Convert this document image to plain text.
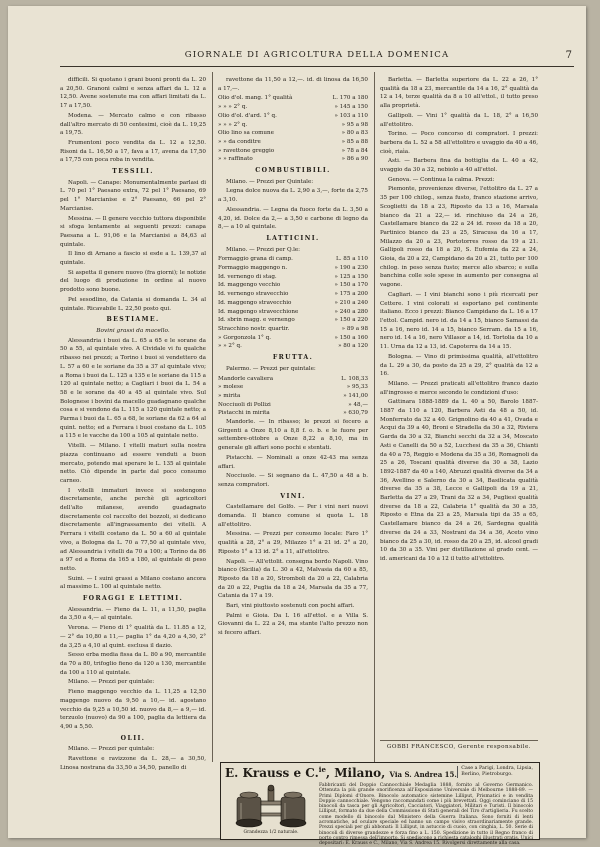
GIORNALE DI AGRICOLTURA DELLA DOMENICA	7

difficili. Si quotano i grani buoni pronti da L. 20 a 20,50. Granoni calmi e senza affari da L. 12 a 12,50. Avene sostenute ma con affari limitati da L. 17 a 17,50.

Modena. — Mercato calmo e con ribasso dall'altro mercato di 50 centesimi, cioè da L. 19,25 a 19,75.

Frumentoni poco vendita da L. 12 a 12,50. Risoni da L. 16,50 a 17, fava a 17, avena da 17,50 a 17,75 con poca roba in vendita.

TESSILI.

Napoli. — Canape: Monumentalmente parlasi di L. 70 pel 1° Paesano extra, 72 pel 1° Paesano, 69 pel 1° Marcianise e 2° Paesano, 66 pel 2° Marcianise.

Messina. — Il genere vecchio tuttora disponibile si sfoga lentamente ai seguenti prezzi: canapa Paesana a L. 91,06 e la Marcianisi a 84,63 al quintale.

Il lino di Arnano a fascio si esde a L. 139,37 al quintale.

Si aspetta il genere nuovo (fra giorni); le notizie del luogo di produzione in ordine al nuovo prodotto sono buone.

Pel sesodlino, da Catania si domanda L. 34 al quintale. Ricavabile L. 22,50 posto qui.

BESTIAME.
Bovini grassi da macello.

Alessandria i buoi da L. 65 a 65 e le sorane da 50 a 55, al quintale vivo. A Cividale vi fu qualche ribasso nei prezzi; a Torino i buoi si vendettero da L. 57 a 60 e le soriane da 35 a 37 al quintale vivo; a Roma i buoi da L. 125 a 135 e le soriane da 115 a 120 al quintale netto; a Cagliari i buoi da L. 54 a 58 e le sorane da 40 a 45 al quintale vivo. Sul Bolognese i bovini da macello guadagnano qualche cosa e si vendono da L. 115 a 120 quintale netto; a Parma i buoi da L. 65 a 68, le soriane da 62 a 64 al quint. netto; ed a Ferrara i buoi costano da L. 105 a 115 e le vacche da 100 a 105 al quintale netto.

Vitelli. — Milano. I vitelli maturi sulla nostra piazza continuano ad essere venduti a buon mercato, potendo mai sperare le L. 135 al quintale netto. Ciò dipende in parte dal poco consumo carneo.

I vitelli immaturi invece si sostengono discretamente, anche perchè gli agricoltori dell'alto milanese, avendo guadagnato discretamente col raccolto dei bozzoli, si dedicano discretamente all'ingrassamento dei vitelli. A Ferrara i vitelli costano da L. 50 a 60 al quintale vivo, a Bologna da L. 70 a 77,50 al quintale vivo, ad Alessandria i vitelli da 70 a 100; a Torino da 86 a 97 ed a Roma da 165 a 180, al quintale di peso netto.

Suini. — I suini grassi a Milano costano ancora al massimo L. 100 al quintale netto.

FORAGGI E LETTIMI.

Alessandria. — Fieno da L. 11, a 11,50, paglia da 3,50 a 4,— al quintale.

Verona. — Fieno di 1° qualità da L. 11.85 a 12,— 2° da 10,80 a 11,— paglia 1° da 4,20 a 4,30, 2° da 3,25 a 4,10 al quint. esclusa il dazio.

Sesso erba media fissa da L. 80 a 90, mercantile da 70 a 80, trifoglio fieno da 120 a 130, mercantile da 100 a 110 al quintale.

Milano. — Prezzi per quintale:

Fieno maggengo vecchio da L. 11,25 a 12,50 maggengo nuovo da 9,50 a 10,— id. agostano vecchio da 9,25 a 10,50 id. nuovo da 8,— a 9,— id. terzuolo (nuovo) da 90 a 100, paglia da lettiera da 4,90 a 5,50.

OLII.

Milano. — Prezzi per quintale:

Ravettone e ravizzone da L. 28,— a 30,50, Linosa nostrana da 33,50 a 34,50, panello di

ravettone da 11,50 a 12,—. id. di linosa da 16,50 a 17,—.

Olio d'ol. mang. 1° qualità	L. 170 a 180
» » » 2° q.	» 145 a 150
Olio d'ol. d'ard. 1° q.	» 103 a 110
» » » 2° q.	» 95 a 98
Olio lino sa comune	» 80 a 83
» » da conditre	» 85 a 88
» ravettone greggio	» 78 a 84
» » raffinato	» 86 a 90
COMBUSTIBILI.

Milano. — Prezzi per Quintale:

Legna dolce nuova da L. 2,90 a 3,—, forte da 2,75 a 3,10.

Alessandria. — Legna da fuoco forte da L. 3,50 a 4,20, id. Dolce da 2,— a 3,50 e carbone di legno da 8,— a 10 al quintale.

LATTICINI.

Milano. — Prezzi per Q.le:

Formaggio grana di camp.	L. 85 a 110
Formaggio maggengo n.	» 190 a 230
Id. vernengo di stag.	» 125 a 150
Id. maggengo vecchio	» 150 a 170
Id. vernengo stravecchio	» 175 a 200
Id. maggengo stravecchio	» 210 a 240
Id. maggengo stravecchione	» 240 a 280
Id. sbrin magg. e vernengo	» 150 a 220
Stracchino nostr. quartir.	» 89 a 98
» Gorgonzola 1° q.	» 150 a 160
» » 2° q.	» 80 a 120
FRUTTA.

Palermo. — Prezzi per quintale:

Mandorle cavaliera	L. 108,33
» molese	» 95,33
» mirita	» 141,00
Nocciuoli di Pollizi	» 48,—
Pistacchi in mirita	» 630,79

Mandorle. — In ribasso; le prezzi si fecero a Girgenti a Onze 8,10 a 8,8 f. o. b. e le fuore per settembre-ottobre a Onze 8,22 a 8,10, ma in generale gli affari sono pochi e stentati.

Pistacchi. — Nominali a onze 42-43 ma senza affari.

Nocciuole. — Si segnano da L. 47,50 a 48 a b. senza compratori.

VINI.

Castellamare del Golfo. — Per i vini neri nuovi domanda. Il bianco comune si quota L. 18 all'ettolitro.

Messina. — Prezzi per consumo locale: Faro 1° qualità a 28, 2° a 29, Milazzo 1° a 21 id. 2° a 20, Riposto 1° a 13 id. 2° a 11, all'ettolitro.

Napoli. — All'ettolit. consegna bordo Napoli. Vino bianco (Sicilia) da L. 30 a 42, Malvasia da 60 a 85, Riposto da 18 a 20, Stromboli da 20 a 22, Calabria da 20 a 22, Puglia da 18 a 24, Marsala da 35 a 77, Catania da 17 a 19.

Bari, vini piuttosto sostenuti con pochi affari.

Palmi e Gioia. Da L 16 all'ettol. e a Villa S. Giovanni da L. 22 a 24, ma stante l'alto prezzo non si fecero affari.

Barletta. — Barletta superiore da L. 22 a 26, 1° qualità da 18 a 23, mercantile da 14 a 16, 2° qualità da 12 a 14, terze qualità da 8 a 10 all'ettol., il tutto preso alla proprietà.

Gallipoli. — Vini 1° qualità da L. 18, 2° a 16,50 all'ettolitro.

Torino. — Poco concorso di compratori. I prezzi: barbera da L. 52 a 58 all'ettolitro e uvaggio da 40 a 46, cioè, riaìa.

Asti. — Barbera fina da bottiglia da L. 40 a 42, uvaggio da 30 a 32, nebiolo a 40 all'ettol.

Genova. — Continua la calma. Prezzi:

Piemonte, provenienze diverse, l'ettolitro da L. 27 a 35 per 100 chilog., senza fusto, franco stazione arrivo, Scoglietti da 18 a 23, Riposto da 13 a 16, Marsala bianco da 21 a 22,— id. rinchiuso da 24 a 26, Castellamare bianco da 22 a 24 id. rosso da 18 a 20, Partinico bianco da 23 a 25, Siracusa da 16 a 17, Milazzo da 20 a 23, Portotorres rosso da 19 a 21. Gallipoli rosso da 18 a 20, S. Eufemia da 22 a 24, Gioia, da 20 a 22, Campidano da 20 a 21, tutto per 100 chilog. in peso senza fusto; merce allo sbarco; e sulla banchina colle sole spese in aumento per consegna al vagone.

Cagliari. — I vini bianchi sono i più ricercati per Cettere. I vini colorati si esportano pel continente italiano. Ecco i prezzi: Bianco Campidano da L. 16 a 17 l'ettol. Campid. nero id. da 14 a 15, bianco Samassi da 15 a 16, nero id. 14 a 15, bianco Serram. da 15 a 16, nero id. 14 a 16, nero Villasor a 14, id. Tortolia da 10 a 11. Urna da 12 a 13, id. Capoterra da 14 a 15.

Bologna. — Vino di primissima qualità, all'ettolitro da L. 29 a 30, da posto da 25 a 29, 2° qualità da 12 a 16.

Milano. — Prezzi praticati all'ettolitro franco dazio all'ingrosso e merce secondo le condizioni d'uso:

Gattinara 1888-1889 da L. 40 a 50, Barolo 1887-1887 da 110 a 120, Barbera Asti da 48 a 50, id. Monferrato da 32 a 40. Grignolino da 40 a 41, Ovada e Acqui da 39 a 40, Broni e Stradella da 30 a 32, Riviera Garda da 30 a 32, Bianchi secchi da 32 a 34, Moscato Asti e Canelli da 50 a 52, Lucchesi da 35 a 36, Chianti da 40 a 75, Reggio e Modena da 35 a 36, Romagnoli da 25 a 26, Toscani qualità diverse da 30 a 38, Lazio 1892-1887 da 40 a 140, Abruzzi qualità diverse da 34 a 36, Avellino e Salerno da 30 a 34, Basilicata qualità diverse da 35 a 38, Lecce e Gallipoli da 19 a 21, Barletta da 27 a 29, Trani da 32 a 34, Pugliesi qualità diverse da 18 a 22, Calabria 1° qualità da 30 a 35, Riposto e Etna da 23 a 25, Marsala tipi da 35 a 65, Castellamare bianco da 24 a 26, Sardegna qualità diverse da 24 a 33, Nostrani da 34 a 36, Aceto vino bianco da 25 a 30, id. rosso da 20 a 25, id. alcool gradi 10 da 30 a 35. Vini per distillazione al grado cent. — id. americani da 10 a 12 il tutto all'ettolitro.

GOBBI FRANCESCO, Gerente responsabile.
E. Krauss e C.$^{ie}$, Milano, Via S. Andrea 15.
Case a Parigi, Londra, Lipsia,
Berlino, Pietroburgo.
Grandezza 1/2 naturale.
Fabbricanti del Doppio Cannocchiale Medaglia 1888, fornito al Governo Germanico. Ottenuta la più grande onorificenza all'Esposizione Universale di Melbourne 1888-89. — Primi Diplomi d'Onore. Binocolo automatico sistemine Lilliput, Prismatici e in vendita Doppio cannocchiale. Vengono raccomandati come i più brevettati. Oggi cominciano di 15 binocoli da tasca per gli Agricoltori, Cacciatori, Viaggiatori, Militari e Turisti. Il binocolo Lilliput, formato da due della Commissione di Stati generali del Tiro d'artiglieria. Fu scelto come modello di binocolo dal Ministero della Guerra Italiana. Sono forniti di lenti acromatiche, ad oculare speciale ed hanno un campo visivo straordinariamente grande. Prezzi speciali per gli abbonati: Il Lilliput, in astuccio di cuoio, con cinghia, L. 50. Serie di binocoli di diverse grandezze e forza fino a L. 150. Spedizione in tutto il Regno franco di porto contro rimessa dell'importo. Si spediscono a richiesta cataloghi illustrati gratis. Unici depositari: E. Krauss e C., Milano, Via S. Andrea 15. Rivolgersi direttamente alla casa.
